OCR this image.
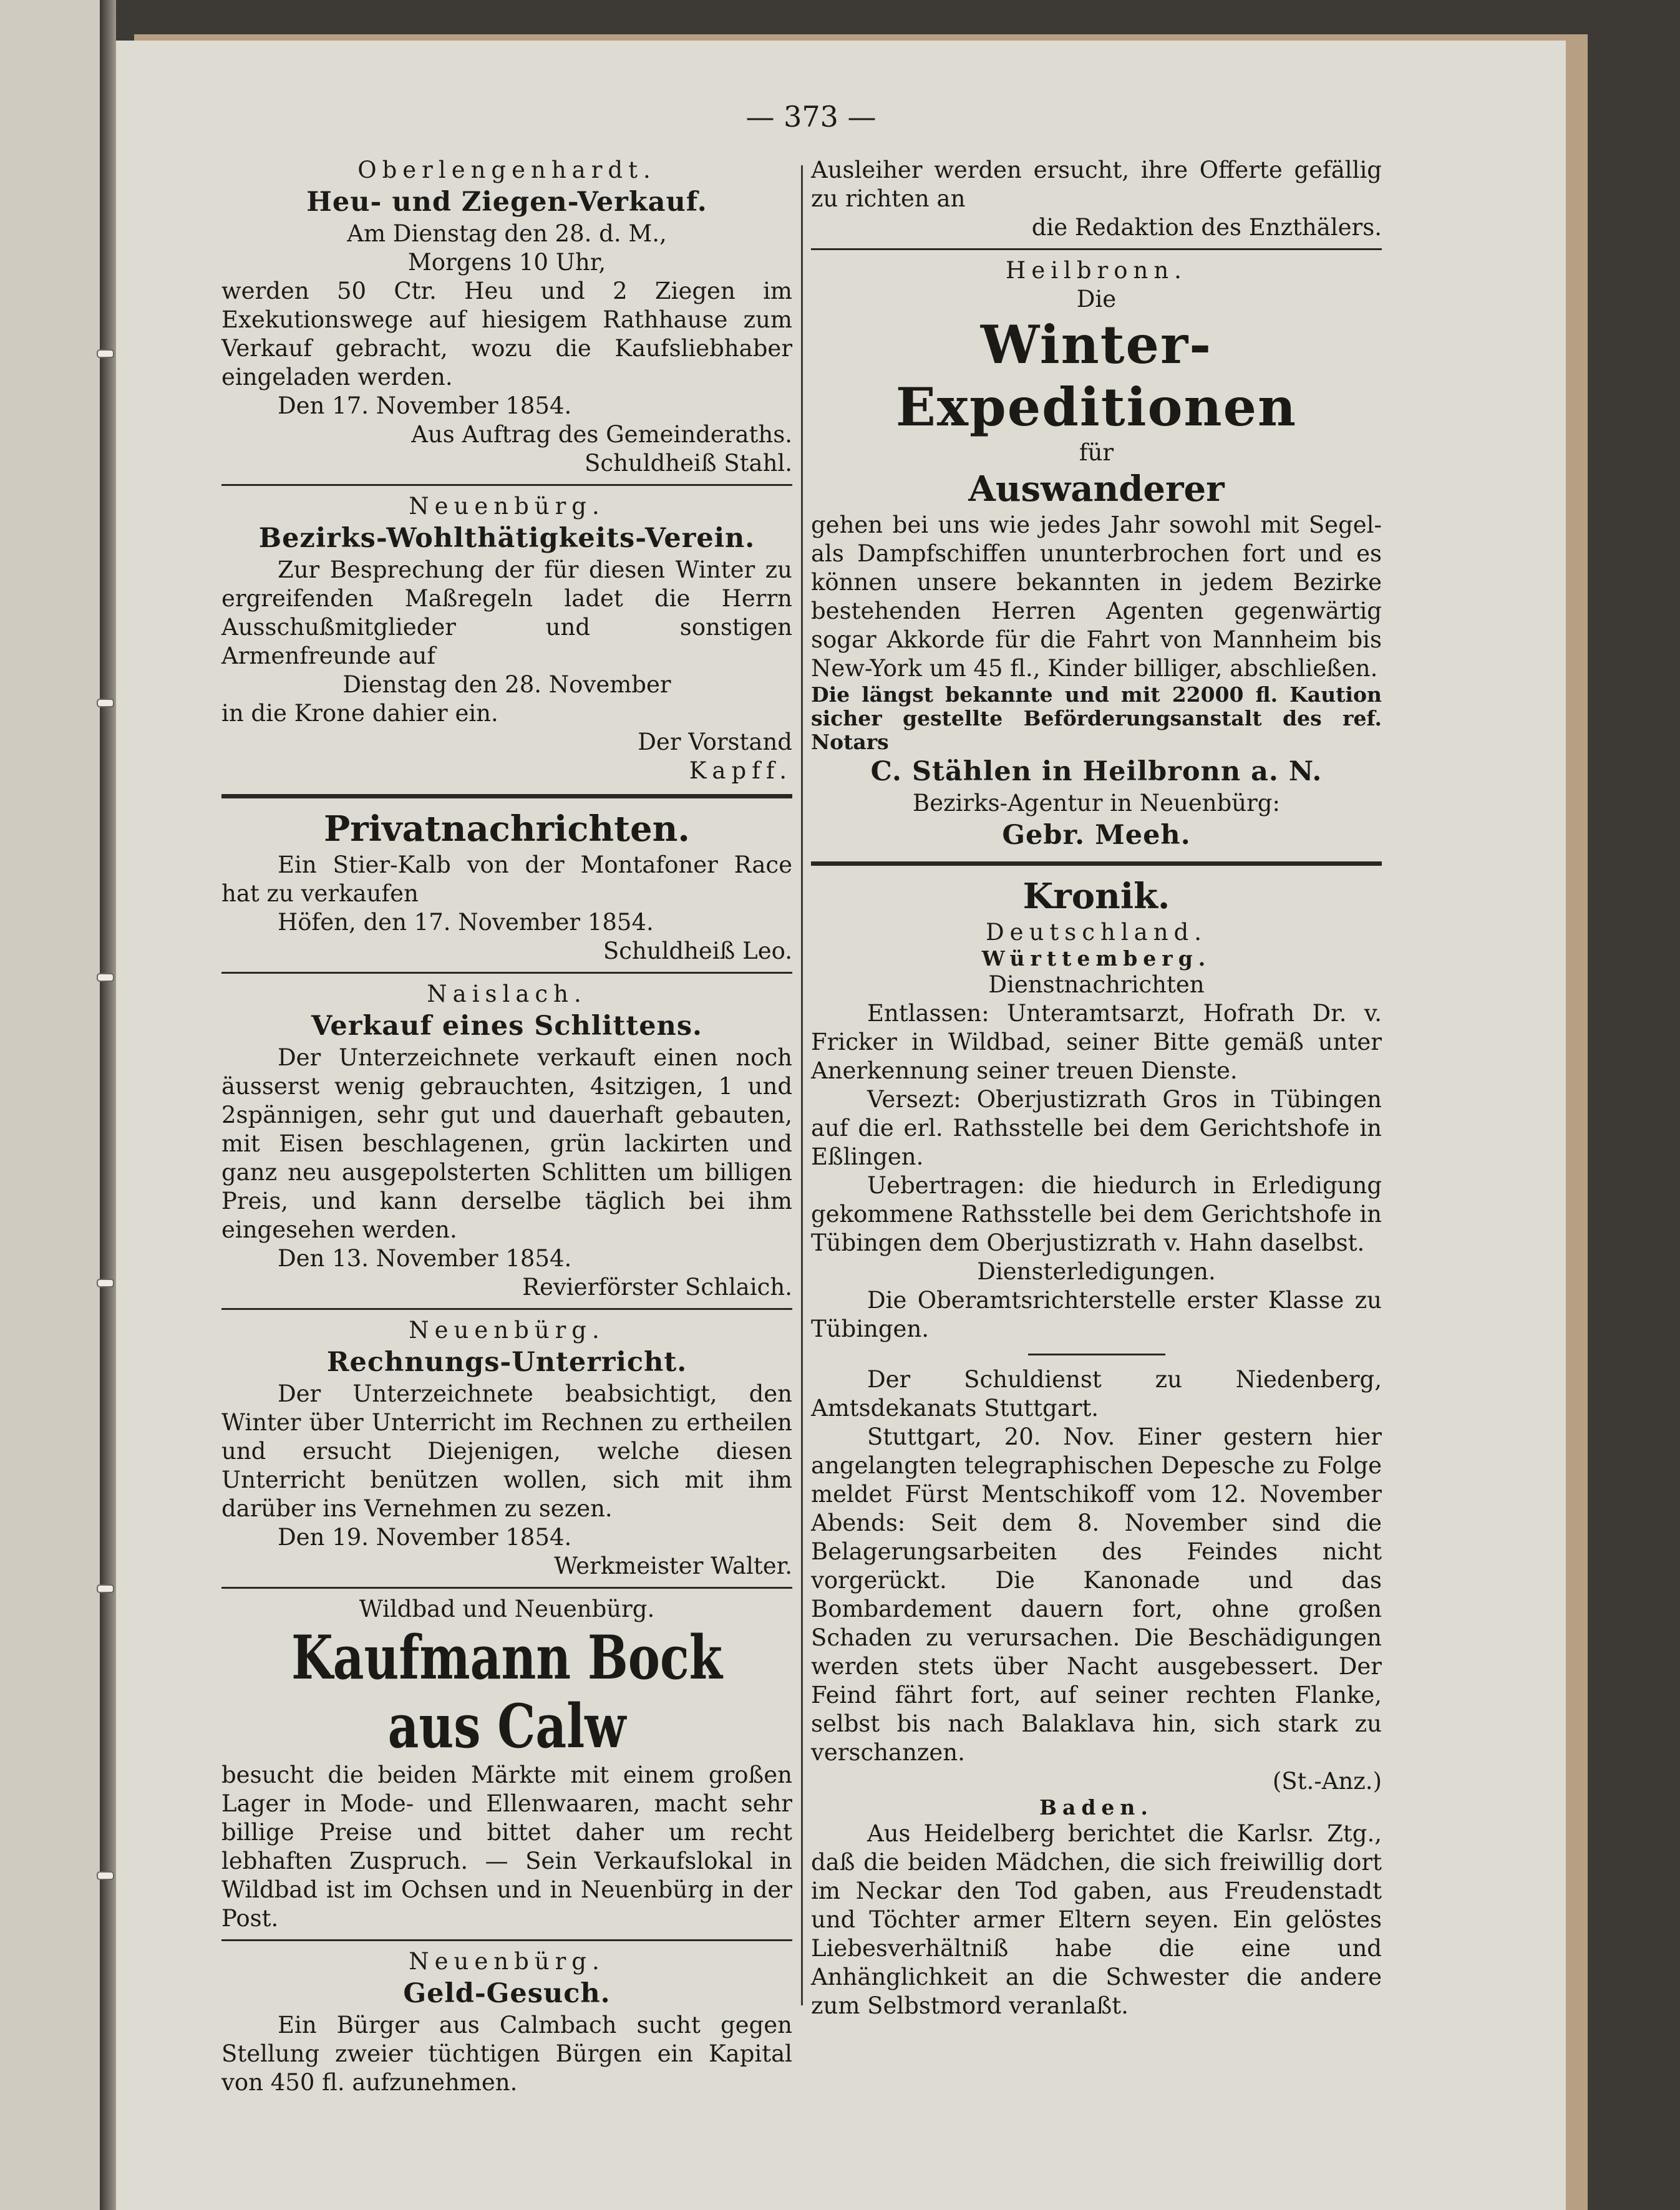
— 373 —

Oberlengenhardt.

Heu- und Ziegen-Verkauf.

Am Dienstag den 28. d. M.,

Morgens 10 Uhr,

werden 50 Ctr. Heu und 2 Ziegen im Exekutionswege auf hiesigem Rathhause zum Verkauf gebracht, wozu die Kaufsliebhaber eingeladen werden.

Den 17. November 1854.

Aus Auftrag des Gemeinderaths.

Schuldheiß Stahl.

Neuenbürg.

Bezirks-Wohlthätigkeits-Verein.

Zur Besprechung der für diesen Winter zu ergreifenden Maßregeln ladet die Herrn Ausschußmitglieder und sonstigen Armenfreunde auf

Dienstag den 28. November

in die Krone dahier ein.

Der Vorstand

Kapff.

Privatnachrichten.

Ein Stier-Kalb von der Montafoner Race hat zu verkaufen

Höfen, den 17. November 1854.

Schuldheiß Leo.

Naislach.

Verkauf eines Schlittens.

Der Unterzeichnete verkauft einen noch äusserst wenig gebrauchten, 4sitzigen, 1 und 2spännigen, sehr gut und dauerhaft gebauten, mit Eisen beschlagenen, grün lackirten und ganz neu ausgepolsterten Schlitten um billigen Preis, und kann derselbe täglich bei ihm eingesehen werden.

Den 13. November 1854.

Revierförster Schlaich.

Neuenbürg.

Rechnungs-Unterricht.

Der Unterzeichnete beabsichtigt, den Winter über Unterricht im Rechnen zu ertheilen und ersucht Diejenigen, welche diesen Unterricht benützen wollen, sich mit ihm darüber ins Vernehmen zu sezen.

Den 19. November 1854.

Werkmeister Walter.

Wildbad und Neuenbürg.

Kaufmann Bock aus Calw

besucht die beiden Märkte mit einem großen Lager in Mode- und Ellenwaaren, macht sehr billige Preise und bittet daher um recht lebhaften Zuspruch. — Sein Verkaufslokal in Wildbad ist im Ochsen und in Neuenbürg in der Post.

Neuenbürg.

Geld-Gesuch.

Ein Bürger aus Calmbach sucht gegen Stellung zweier tüchtigen Bürgen ein Kapital von 450 fl. aufzunehmen.

Ausleiher werden ersucht, ihre Offerte gefällig zu richten an

die Redaktion des Enzthälers.

Heilbronn.

Die

Winter-Expeditionen

für

Auswanderer

gehen bei uns wie jedes Jahr sowohl mit Segel- als Dampfschiffen ununterbrochen fort und es können unsere bekannten in jedem Bezirke bestehenden Herren Agenten gegenwärtig sogar Akkorde für die Fahrt von Mannheim bis New-York um 45 fl., Kinder billiger, abschließen.

Die längst bekannte und mit 22000 fl. Kaution sicher gestellte Beförderungsanstalt des ref. Notars

C. Stählen in Heilbronn a. N.

Bezirks-Agentur in Neuenbürg:

Gebr. Meeh.

Kronik.

Deutschland.

Württemberg.

Dienstnachrichten

Entlassen: Unteramtsarzt, Hofrath Dr. v. Fricker in Wildbad, seiner Bitte gemäß unter Anerkennung seiner treuen Dienste.

Versezt: Oberjustizrath Gros in Tübingen auf die erl. Rathsstelle bei dem Gerichtshofe in Eßlingen.

Uebertragen: die hiedurch in Erledigung gekommene Rathsstelle bei dem Gerichtshofe in Tübingen dem Oberjustizrath v. Hahn daselbst.

Diensterledigungen.

Die Oberamtsrichterstelle erster Klasse zu Tübingen.

Der Schuldienst zu Niedenberg, Amtsdekanats Stuttgart.

Stuttgart, 20. Nov. Einer gestern hier angelangten telegraphischen Depesche zu Folge meldet Fürst Mentschikoff vom 12. November Abends: Seit dem 8. November sind die Belagerungsarbeiten des Feindes nicht vorgerückt. Die Kanonade und das Bombardement dauern fort, ohne großen Schaden zu verursachen. Die Beschädigungen werden stets über Nacht ausgebessert. Der Feind fährt fort, auf seiner rechten Flanke, selbst bis nach Balaklava hin, sich stark zu verschanzen.

(St.-Anz.)

Baden.

Aus Heidelberg berichtet die Karlsr. Ztg., daß die beiden Mädchen, die sich freiwillig dort im Neckar den Tod gaben, aus Freudenstadt und Töchter armer Eltern seyen. Ein gelöstes Liebesverhältniß habe die eine und Anhänglichkeit an die Schwester die andere zum Selbstmord veranlaßt.
